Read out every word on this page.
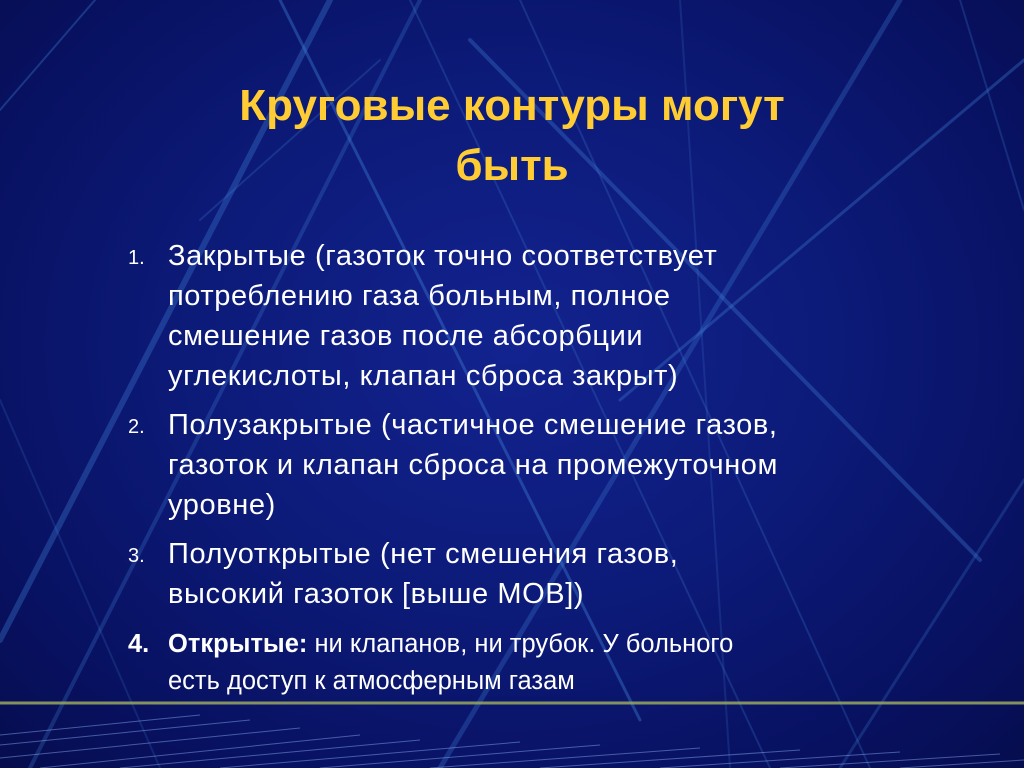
Круговые контуры могут
быть
1. Закрытые (газоток точно соответствует
потреблению газа больным, полное
смешение газов после абсорбции
углекислоты, клапан сброса закрыт)
2. Полузакрытые (частичное смешение газов,
газоток и клапан сброса на промежуточном
уровне)
3. Полуоткрытые (нет смешения газов,
высокий газоток [выше МОВ])
4. Открытые: ни клапанов, ни трубок. У больного
есть доступ к атмосферным газам
